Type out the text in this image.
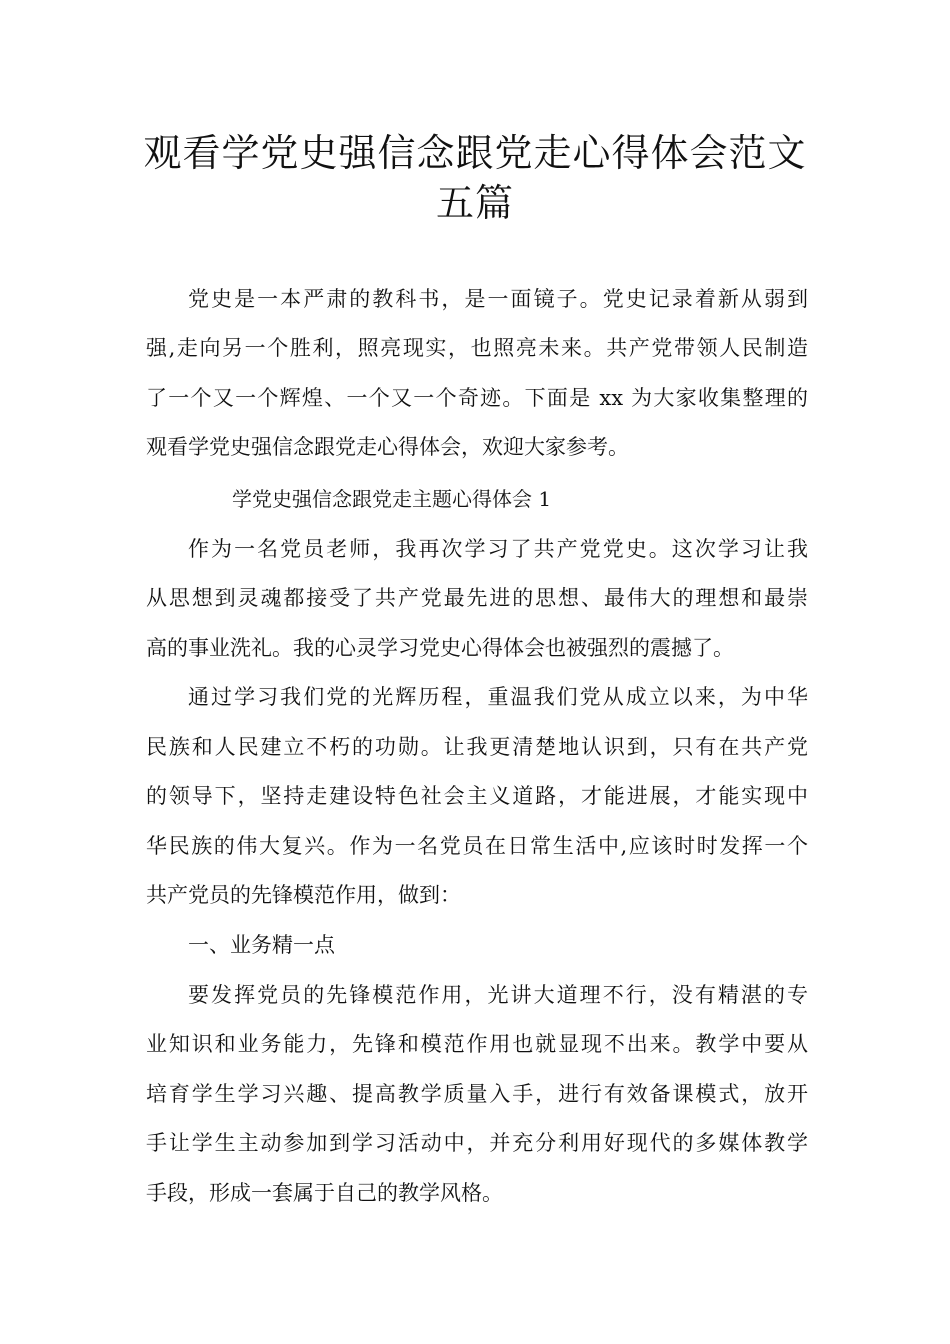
观看学党史强信念跟党走心得体会范文
五篇
党史是一本严肃的教科书，是一面镜子。党史记录着新从弱到
强,走向另一个胜利，照亮现实，也照亮未来。共产党带领人民制造
了一个又一个辉煌、一个又一个奇迹。下面是 xx 为大家收集整理的
观看学党史强信念跟党走心得体会，欢迎大家参考。
学党史强信念跟党走主题心得体会 1
作为一名党员老师，我再次学习了共产党党史。这次学习让我
从思想到灵魂都接受了共产党最先进的思想、最伟大的理想和最崇
高的事业洗礼。我的心灵学习党史心得体会也被强烈的震撼了。
通过学习我们党的光辉历程，重温我们党从成立以来，为中华
民族和人民建立不朽的功勋。让我更清楚地认识到，只有在共产党
的领导下，坚持走建设特色社会主义道路，才能进展，才能实现中
华民族的伟大复兴。作为一名党员在日常生活中,应该时时发挥一个
共产党员的先锋模范作用，做到：
一、业务精一点
要发挥党员的先锋模范作用，光讲大道理不行，没有精湛的专
业知识和业务能力，先锋和模范作用也就显现不出来。教学中要从
培育学生学习兴趣、提高教学质量入手，进行有效备课模式，放开
手让学生主动参加到学习活动中，并充分利用好现代的多媒体教学
手段，形成一套属于自己的教学风格。
